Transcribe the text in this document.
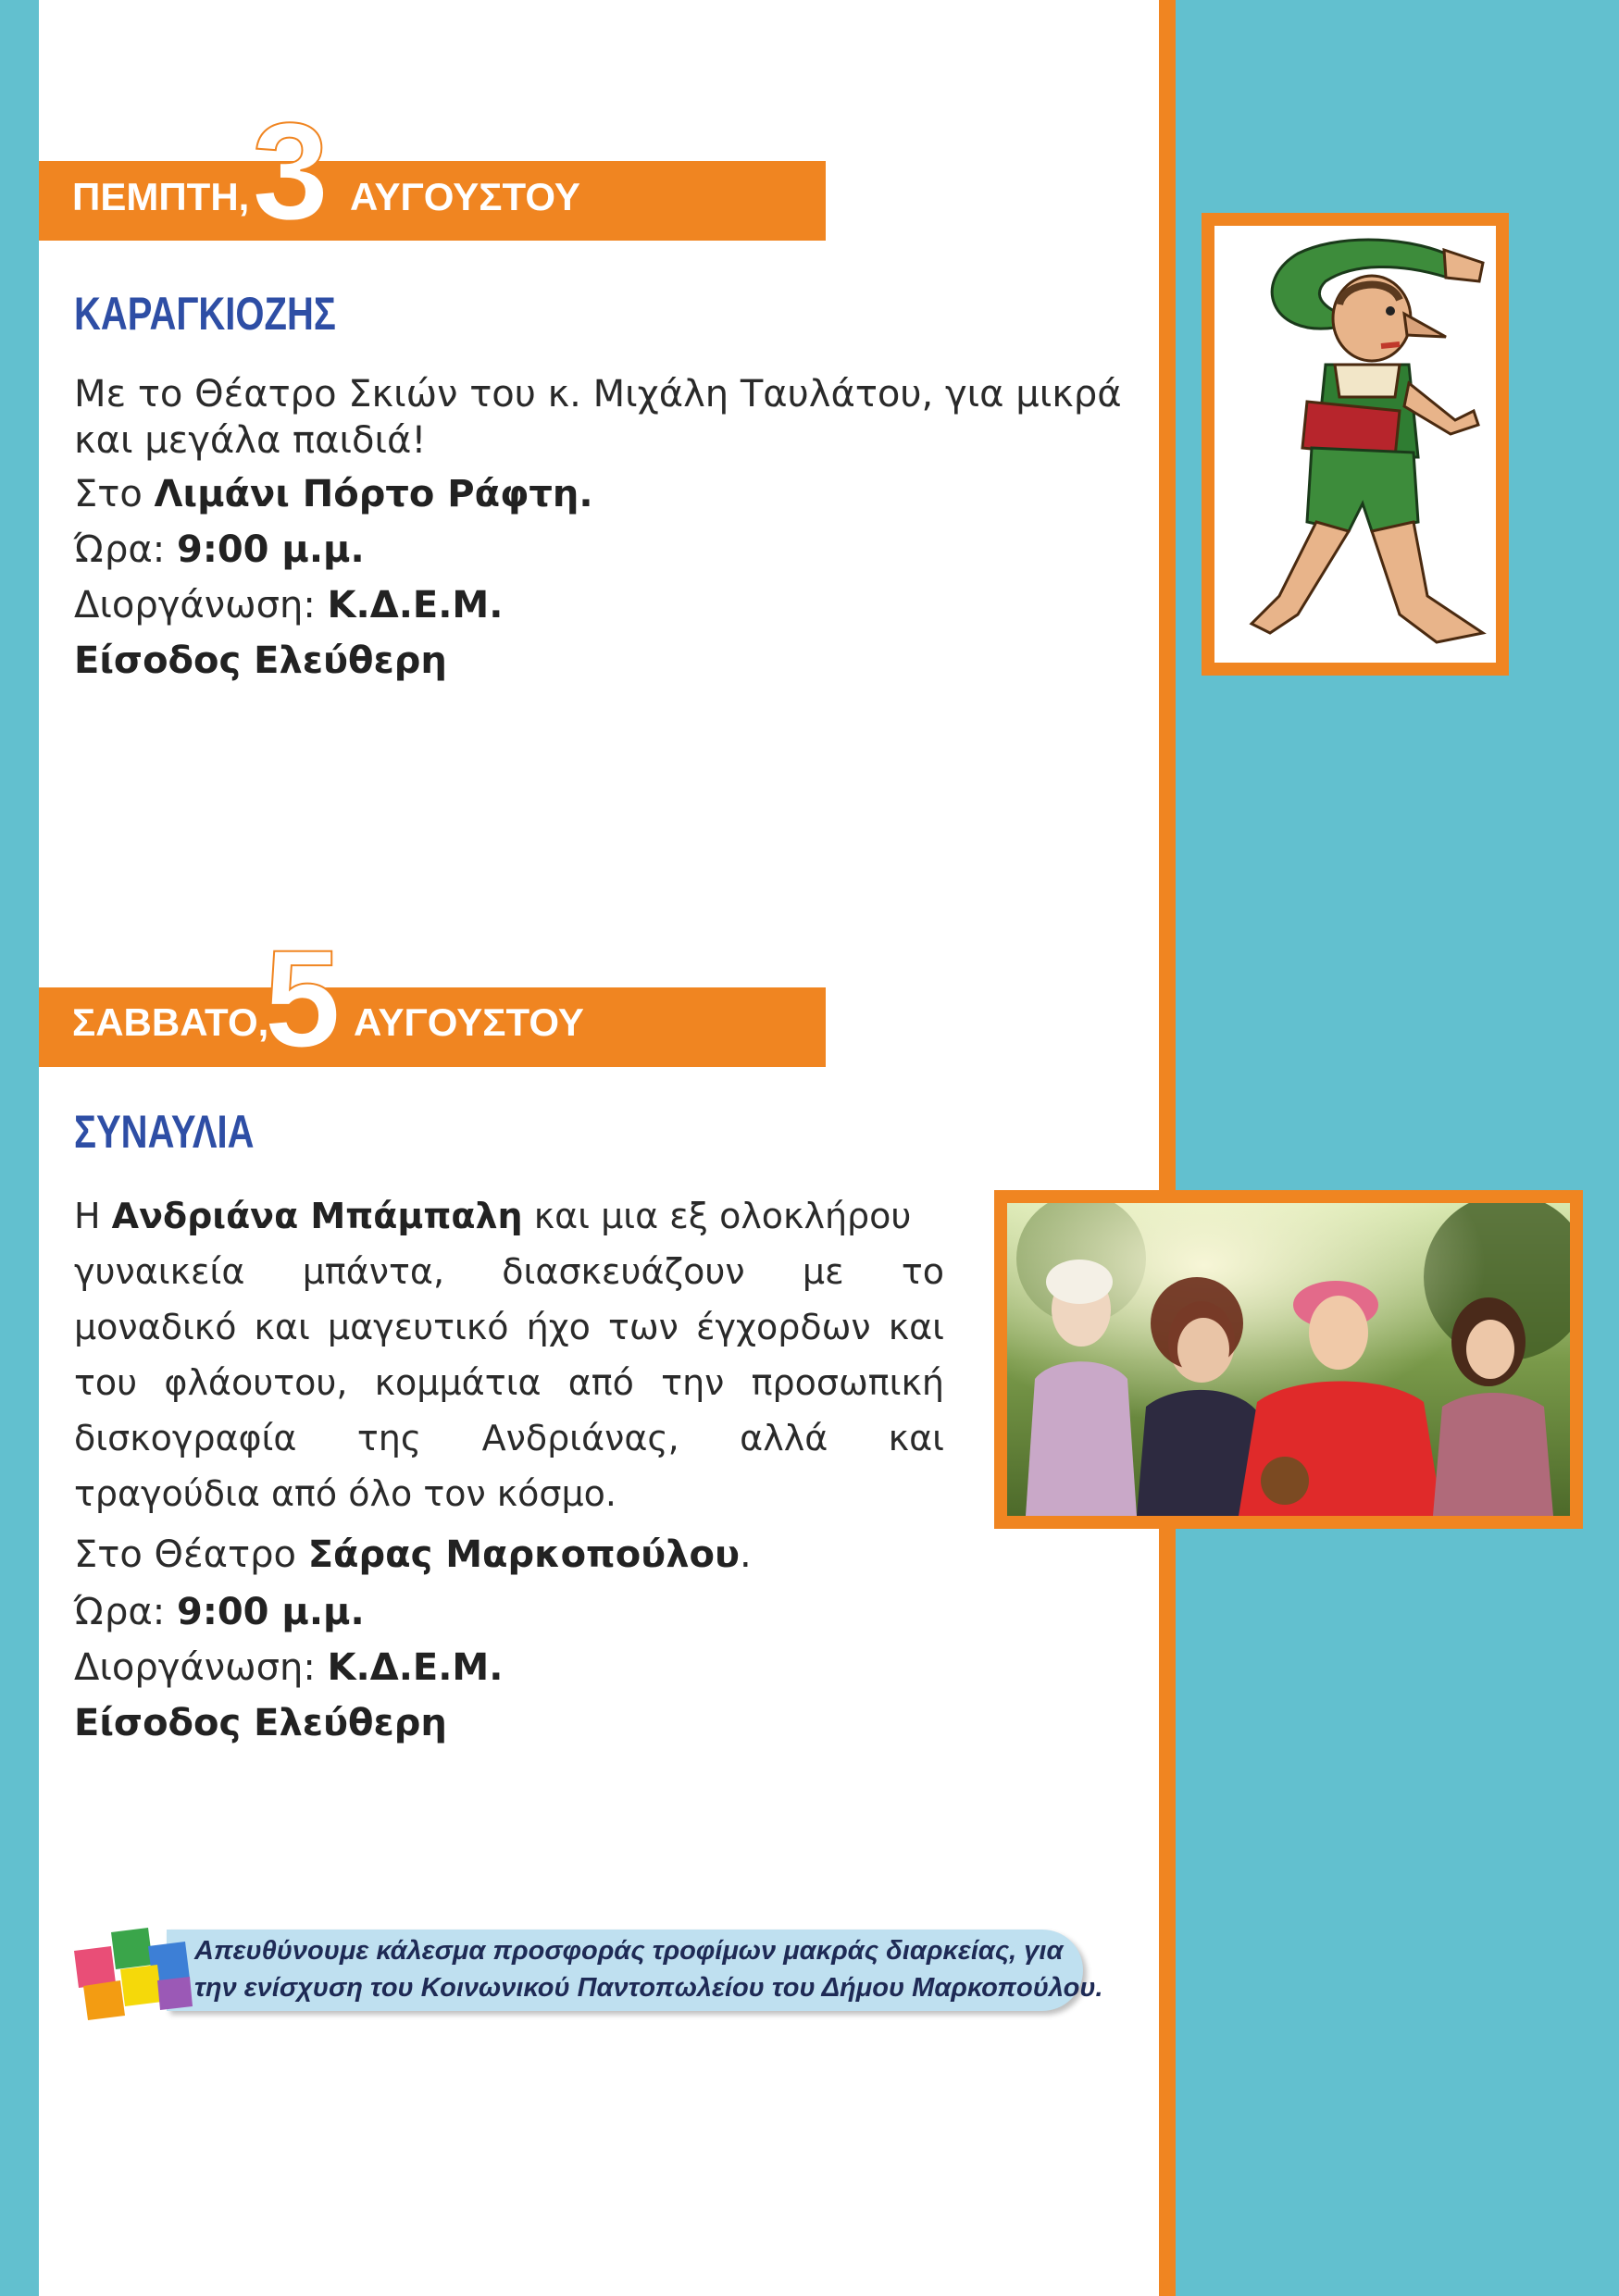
ΠΕΜΠΤΗ, 3 ΑΥΓΟΥΣΤΟΥ
ΚΑΡΑΓΚΙΟΖΗΣ
Με το Θέατρο Σκιών του κ. Μιχάλη Ταυλάτου, για μικρά
και μεγάλα παιδιά!
Στο Λιμάνι Πόρτο Ράφτη.
Ώρα: 9:00 μ.μ.
Διοργάνωση: Κ.Δ.Ε.Μ.
Είσοδος Ελεύθερη
ΣΑΒΒΑΤΟ,
5 ΑΥΓΟΥΣΤΟΥ
ΣΥΝΑΥΛΙΑ
Η Ανδριάνα Μπάμπαλη και μια εξ ολοκλήρου
γυναικεία μπάντα, διασκευάζουν με το
μοναδικό και μαγευτικό ήχο των έγχορδων και
του φλάουτου, κομμάτια από την προσωπική
δισκογραφία της Ανδριάνας, αλλά και
τραγούδια από όλο τον κόσμο.
Στο Θέατρο Σάρας Μαρκοπούλου.
Ώρα: 9:00 μ.μ.
Διοργάνωση: Κ.Δ.Ε.Μ.
Είσοδος Ελεύθερη
Απευθύνουμε κάλεσμα προσφοράς τροφίμων μακράς διαρκείας, για
την ενίσχυση του Κοινωνικού Παντοπωλείου του Δήμου Μαρκοπούλου.
